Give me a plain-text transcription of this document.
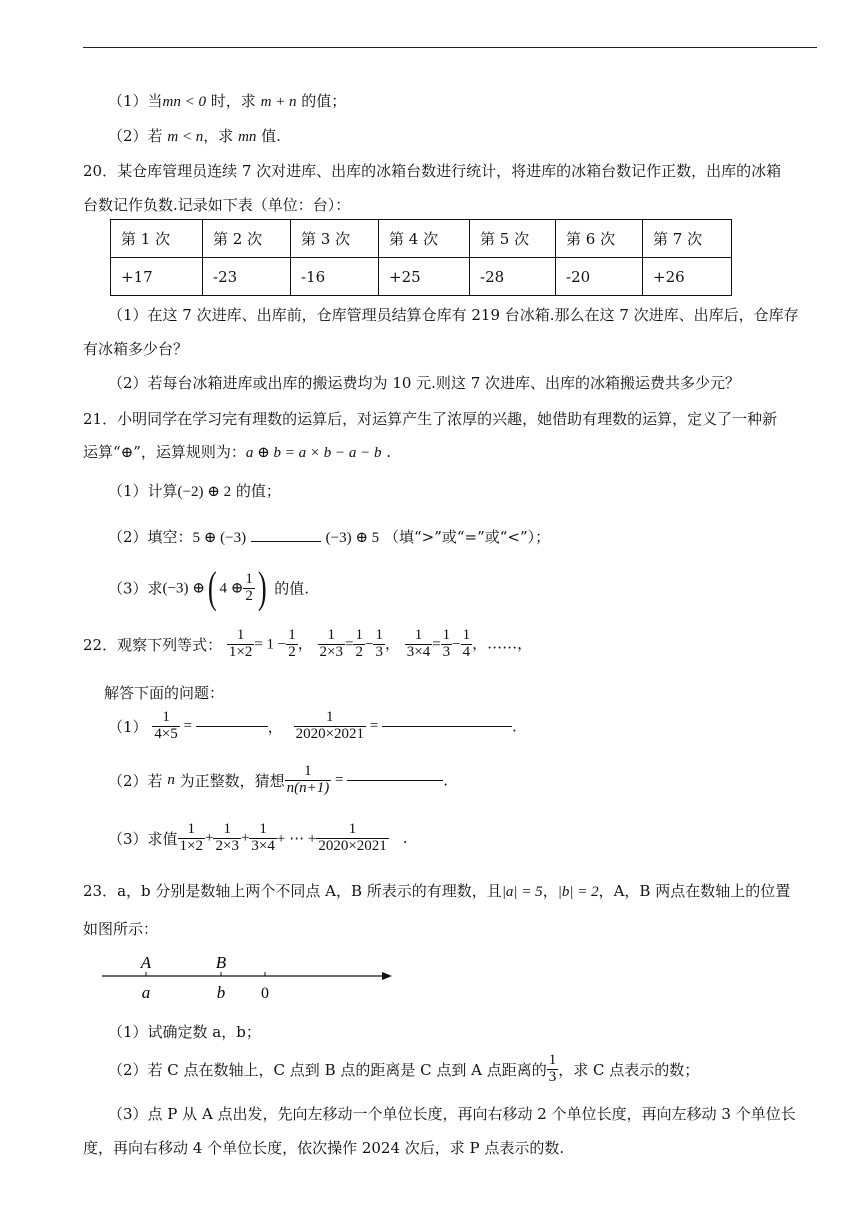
（1）当mn < 0 时，求 m + n 的值；
（2）若 m < n，求 mn 值.
20．某仓库管理员连续 7 次对进库、出库的冰箱台数进行统计，将进库的冰箱台数记作正数，出库的冰箱
台数记作负数.记录如下表（单位：台）：
第 1 次	第 2 次	第 3 次	第 4 次	第 5 次	第 6 次	第 7 次
+17	-23	-16	+25	-28	-20	+26
（1）在这 7 次进库、出库前，仓库管理员结算仓库有 219 台冰箱.那么在这 7 次进库、出库后，仓库存
有冰箱多少台？
（2）若每台冰箱进库或出库的搬运费均为 10 元.则这 7 次进库、出库的冰箱搬运费共多少元？
21．小明同学在学习完有理数的运算后，对运算产生了浓厚的兴趣，她借助有理数的运算，定义了一种新
运算“⊕”，运算规则为：a ⊕ b = a × b − a − b .
（1）计算(−2) ⊕ 2 的值；
（2）填空：5 ⊕ (−3)	(−3) ⊕ 5 （填“>”或“=”或“<”）；
（3）求(−3) ⊕( 4 ⊕ $\frac{1}{2}$ ) 的值.
22．观察下列等式： $\frac{1}{1\times 2} = 1 - \frac{1}{2}$ ， $\frac{1}{2\times 3} = \frac{1}{2} - \frac{1}{3}$ ， $\frac{1}{3\times 4} = \frac{1}{3} - \frac{1}{4}$ ，……，
解答下面的问题：
$(1) \frac{1}{4\times 5}$ =	， $\frac{1}{2020\times 2021}$ =	.
（2）若 n 为正整数，猜想 $\frac{1}{n(n+1)}$ =	.
（3）求值 $\frac{1}{1\times 2} + \frac{1}{2\times 3} + \frac{1}{3\times 4}$ + ⋯ + $\frac{1}{2020\times 2021}$ .
23．a，b 分别是数轴上两个不同点 A，B 所表示的有理数，且|a| = 5，|b| = 2，A，B 两点在数轴上的位置
如图所示：
A	B
a	b 0
（1）试确定数 a，b；
（2）若 C 点在数轴上，C 点到 B 点的距离是 C 点到 A 点距离的 $\frac{1}{3}$ ，求 C 点表示的数；
（3）点 P 从 A 点出发，先向左移动一个单位长度，再向右移动 2 个单位长度，再向左移动 3 个单位长
度，再向右移动 4 个单位长度，依次操作 2024 次后，求 P 点表示的数.
